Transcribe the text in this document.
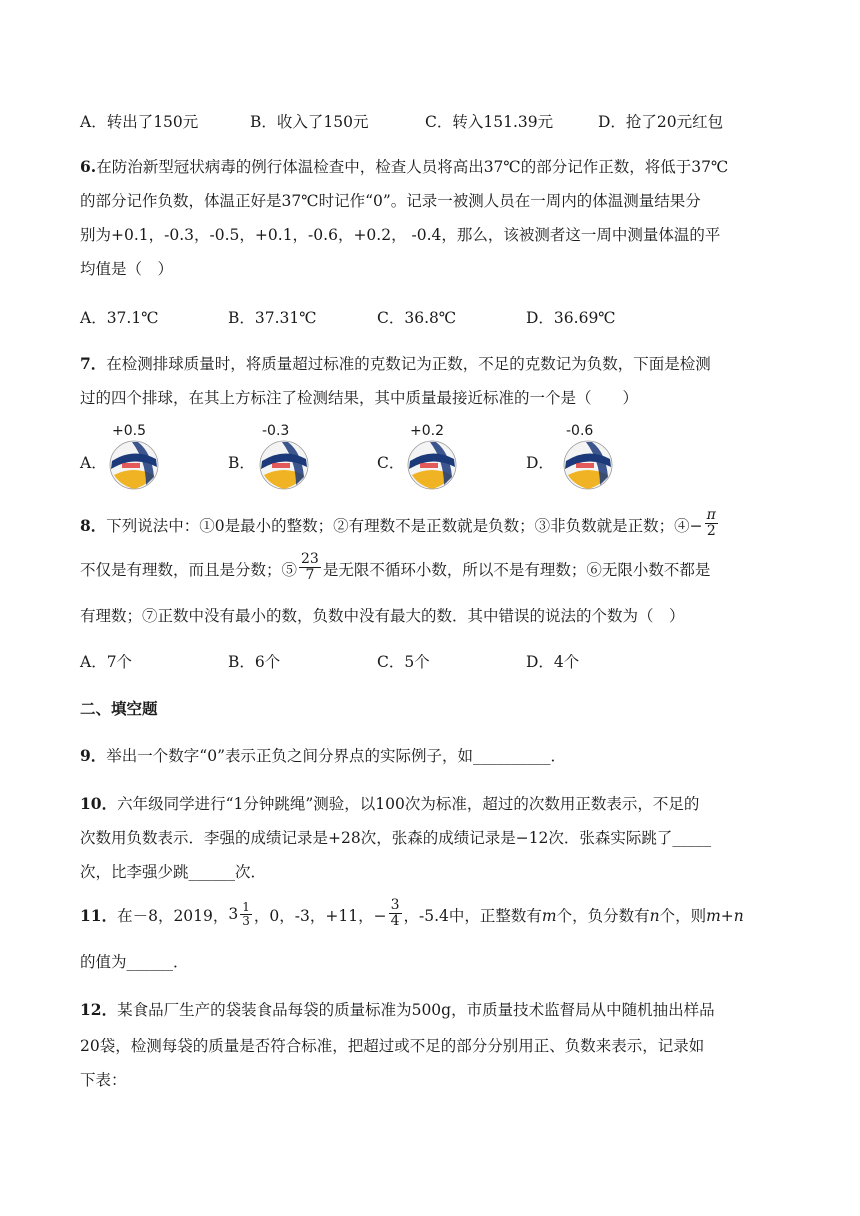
A．转出了150元	B．收入了150元	C．转入151.39元	D．抢了20元红包
6.在防治新型冠状病毒的例行体温检查中，检查人员将高出37℃的部分记作正数，将低于37℃
的部分记作负数，体温正好是37℃时记作“0”。记录一被测人员在一周内的体温测量结果分
别为+0.1，-0.3，-0.5，+0.1，-0.6，+0.2， -0.4，那么，该被测者这一周中测量体温的平
均值是（　）
A．37.1℃	B．37.31℃	C．36.8℃	D．36.69℃
7．在检测排球质量时，将质量超过标准的克数记为正数，不足的克数记为负数，下面是检测
过的四个排球，在其上方标注了检测结果，其中质量最接近标准的一个是（　　）
A．
+0.5
B．
-0.3
C．
+0.2
D．
-0.6
8．下列说法中：①0是最小的整数；②有理数不是正数就是负数；③非负数就是正数；④− $\frac{\pi}{2}$
不仅是有理数，而且是分数；⑤ $\frac{23}{7}$ 是无限不循环小数，所以不是有理数；⑥无限小数不都是
有理数；⑦正数中没有最小的数，负数中没有最大的数．其中错误的说法的个数为（　）
A．7个	B．6个	C．5个	D．4个
二、填空题
9．举出一个数字“0”表示正负之间分界点的实际例子，如__________．
10．六年级同学进行“1分钟跳绳”测验，以100次为标准，超过的次数用正数表示，不足的
次数用负数表示．李强的成绩记录是+28次，张森的成绩记录是−12次．张森实际跳了_____
次，比李强少跳______次．
11．在－8，2019， $3 \frac{1}{3}$ ，0，-3，+11，− $\frac{3}{4}$ ，-5.4中，正整数有m个，负分数有n个，则m+n
的值为______．
12．某食品厂生产的袋装食品每袋的质量标准为500g，市质量技术监督局从中随机抽出样品
20袋，检测每袋的质量是否符合标准，把超过或不足的部分分别用正、负数来表示，记录如
下表：
